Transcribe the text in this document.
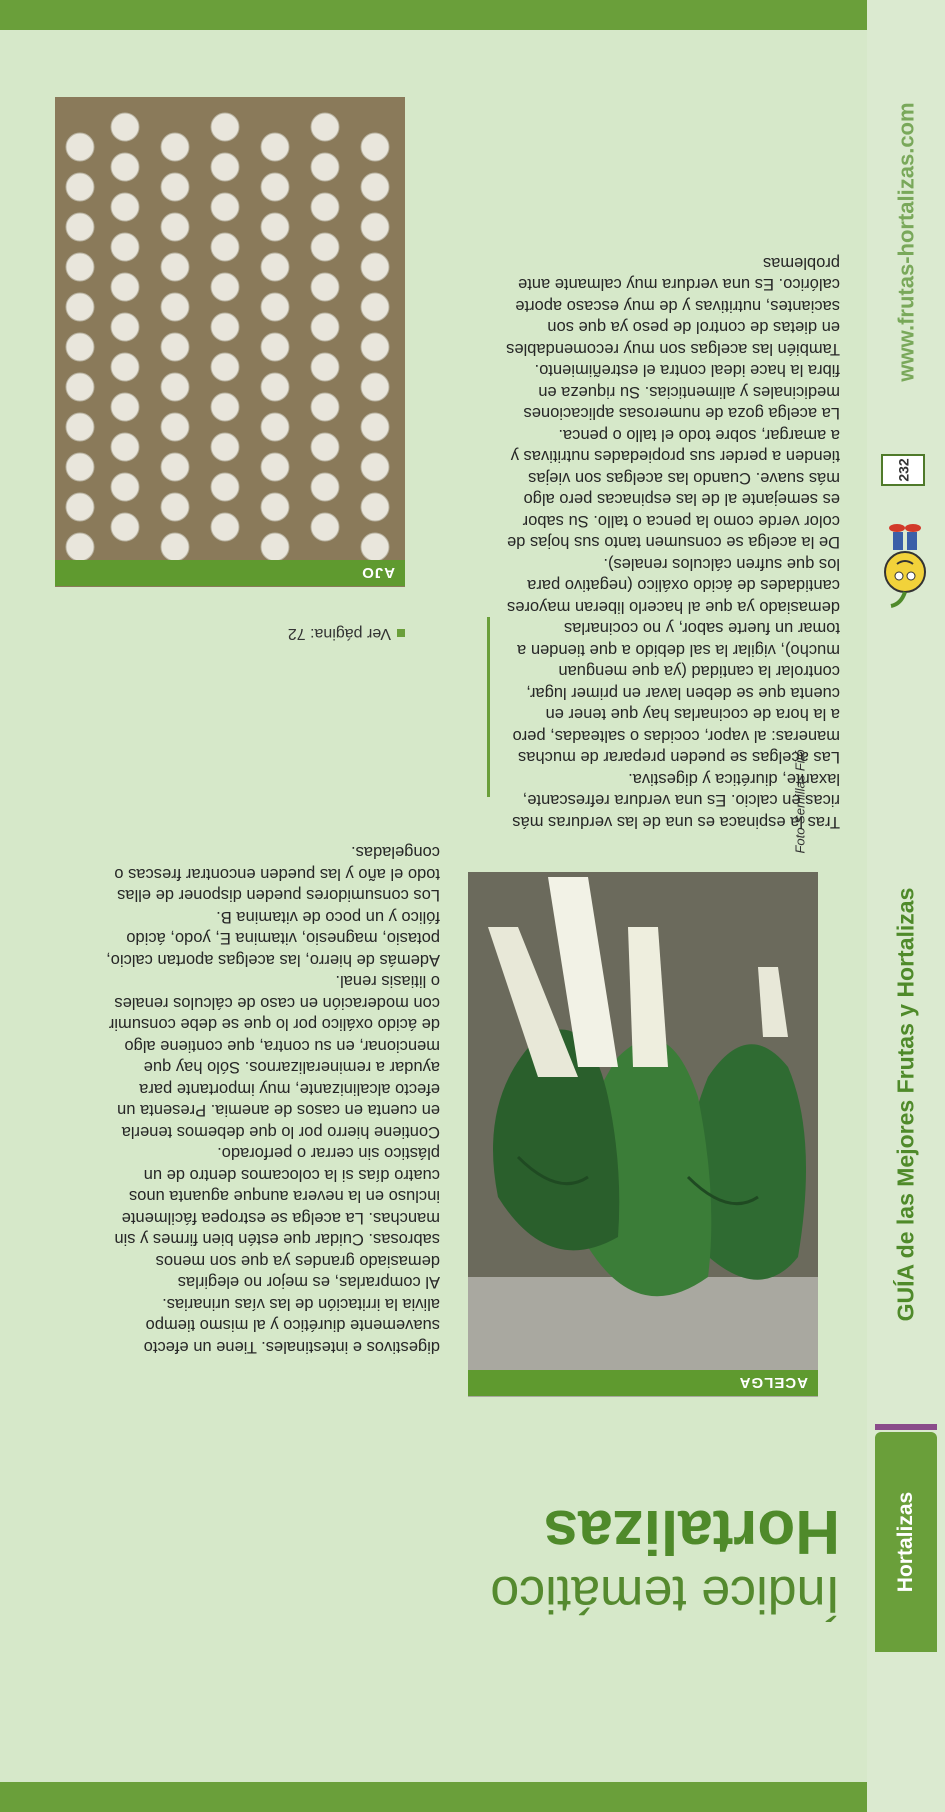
Hortalizas
GUÍA de las Mejores Frutas y Hortalizas
232
www.frutas-hortalizas.com
Índice temático
Hortalizas
ACELGA
Foto Semillas Fitó

Tras la espinaca es una de las verduras más ricas en calcio. Es una verdura refrescante, laxante, diurética y digestiva.

Las acelgas se pueden preparar de muchas maneras: al vapor, cocidas o salteadas, pero a la hora de cocinarlas hay que tener en cuenta que se deben lavar en primer lugar, controlar la cantidad (ya que menguan mucho), vigilar la sal debido a que tienden a tomar un fuerte sabor, y no cocinarlas demasiado ya que al hacerlo liberan mayores cantidades de ácido oxálico (negativo para los que sufren cálculos renales).

De la acelga se consumen tanto sus hojas de color verde como la penca o tallo. Su sabor es semejante al de las espinacas pero algo más suave. Cuando las acelgas son viejas tienden a perder sus propiedades nutritivas y a amargar, sobre todo el tallo o penca.

La acelga goza de numerosas aplicaciones medicinales y alimenticias. Su riqueza en fibra la hace ideal contra el estreñimiento. También las acelgas son muy recomendables en dietas de control de peso ya que son saciantes, nutritivas y de muy escaso aporte calórico. Es una verdura muy calmante ante problemas

digestivos e intestinales. Tiene un efecto suavemente diurético y al mismo tiempo alivia la irritación de las vías urinarias.

Al comprarlas, es mejor no elegirlas demasiado grandes ya que son menos sabrosas. Cuidar que estén bien firmes y sin manchas. La acelga se estropea fácilmente incluso en la nevera aunque aguanta unos cuatro días si la colocamos dentro de un plástico sin cerrar o perforado.

Contiene hierro por lo que debemos tenerla en cuenta en casos de anemia. Presenta un efecto alcalinizante, muy importante para ayudar a remineralizarnos. Sólo hay que mencionar, en su contra, que contiene algo de ácido oxálico por lo que se debe consumir con moderación en caso de cálculos renales o litiasis renal.

Además de hierro, las acelgas aportan calcio, potasio, magnesio, vitamina E, yodo, ácido fólico y un poco de vitamina B.

Los consumidores pueden disponer de ellas todo el año y las pueden encontrar frescas o congeladas.

Ver página: 72
AJO
